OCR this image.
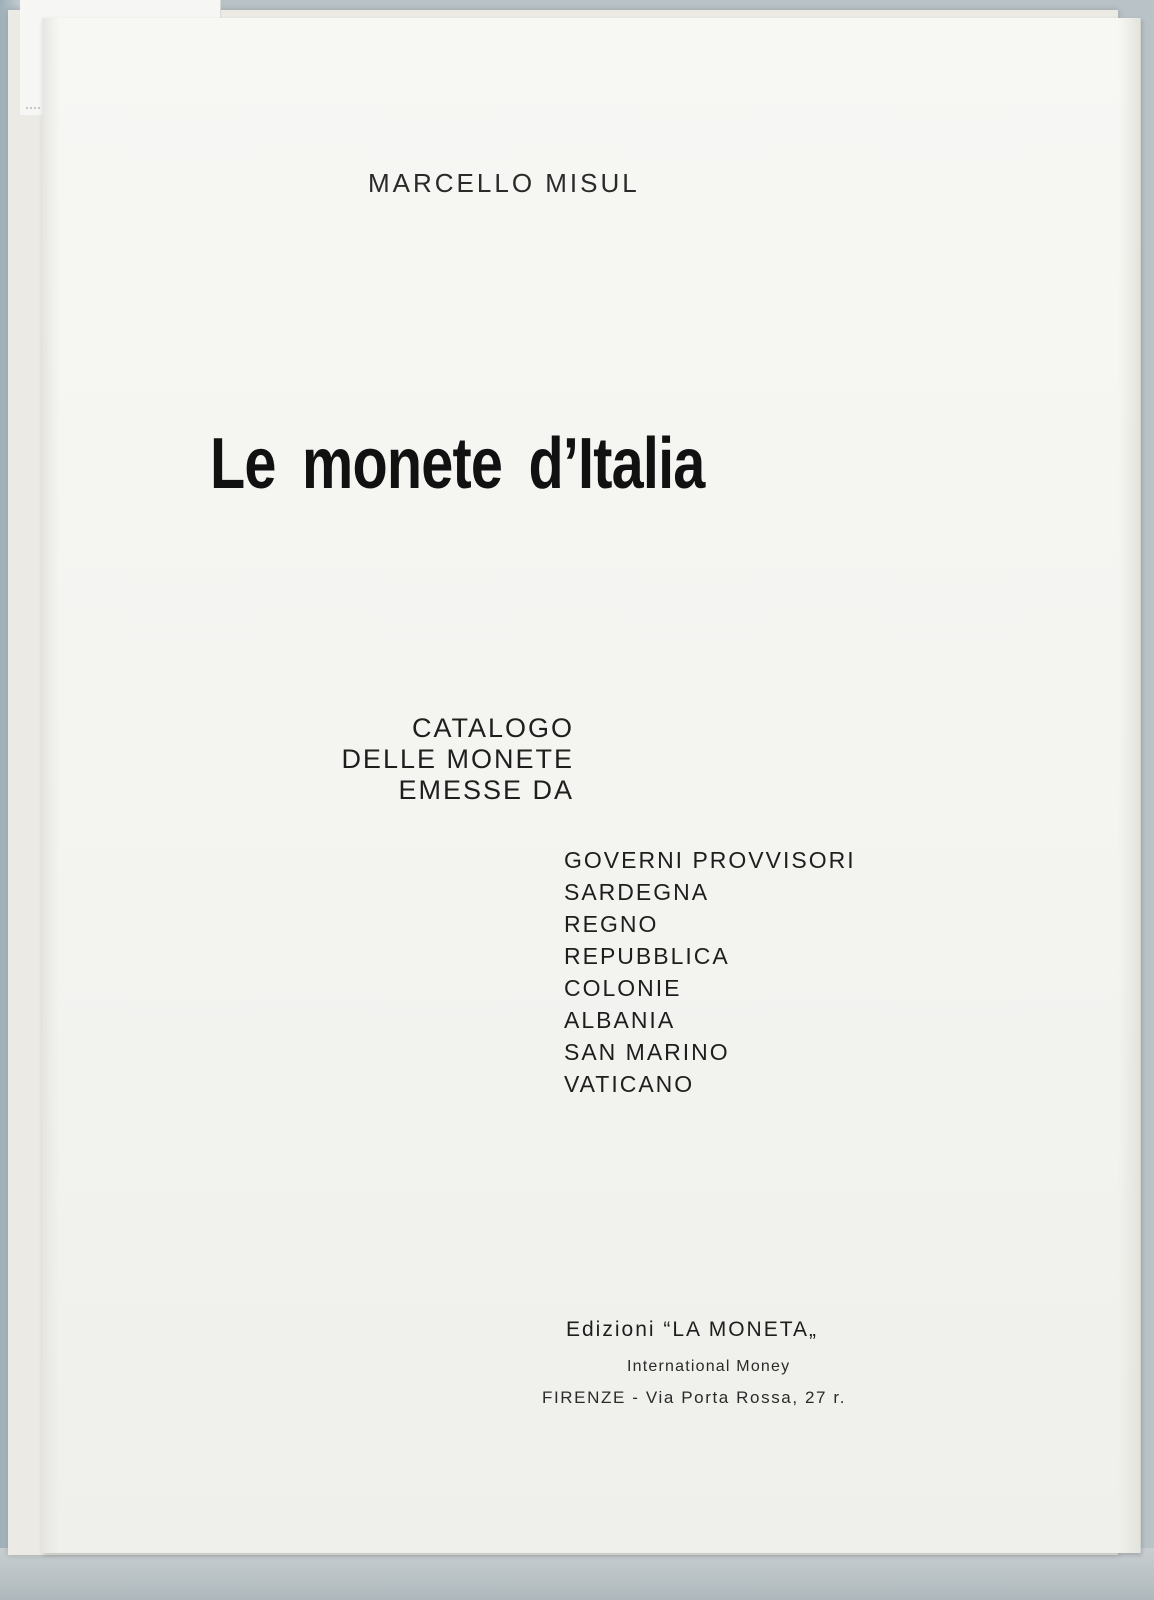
MARCELLO MISUL

Le monete d’Italia
CATALOGO
DELLE MONETE
EMESSE DA
GOVERNI PROVVISORI
SARDEGNA
REGNO
REPUBBLICA
COLONIE
ALBANIA
SAN MARINO
VATICANO

Edizioni “LA MONETA„

International Money

FIRENZE - Via Porta Rossa, 27 r.
